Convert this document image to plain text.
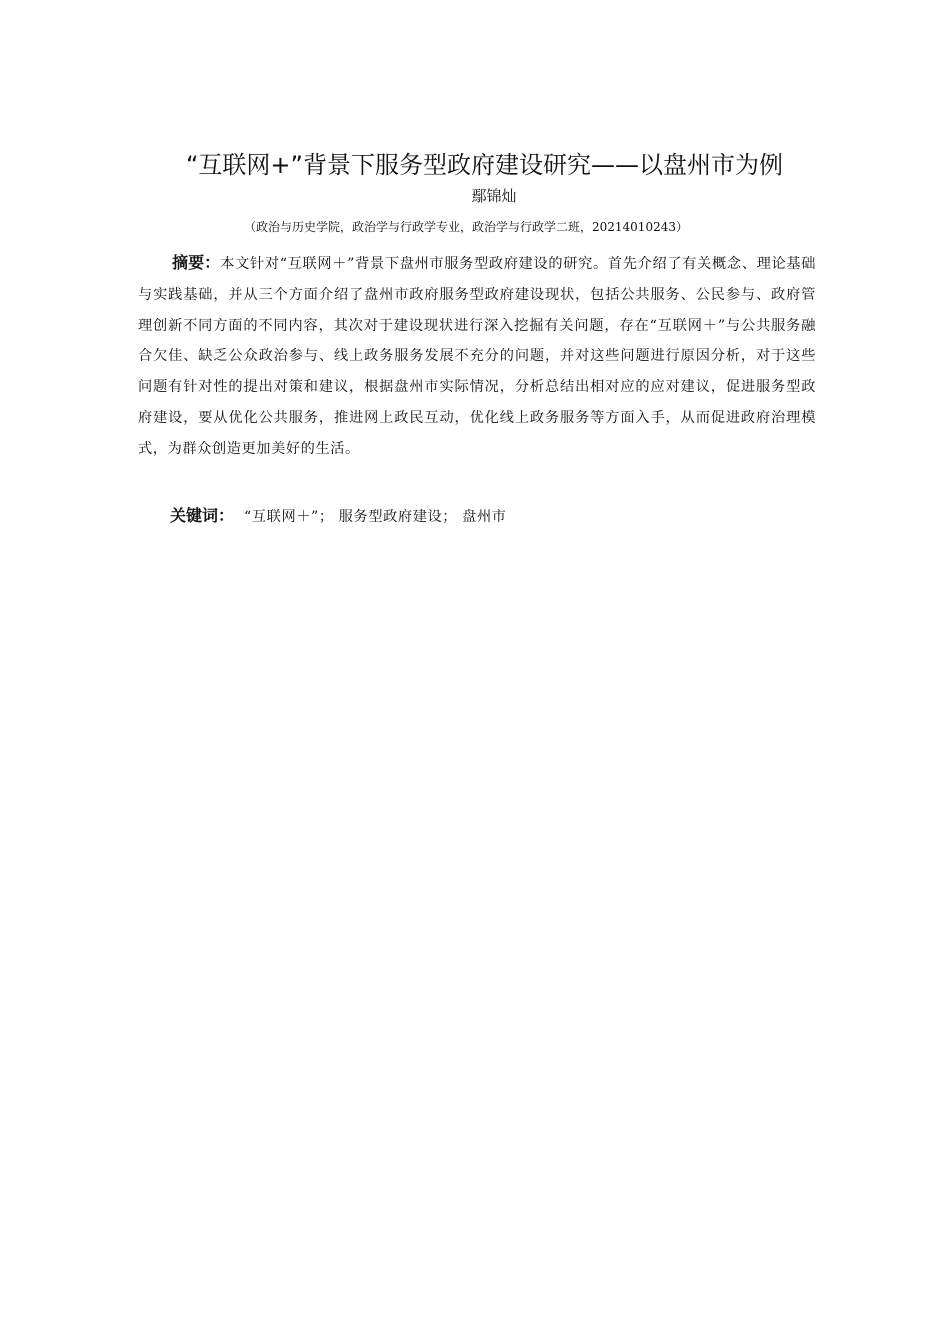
“互联网+”背景下服务型政府建设研究——以盘州市为例
鄢锦灿
（政治与历史学院，政治学与行政学专业，政治学与行政学二班，20214010243）
摘要：本文针对“互联网＋”背景下盘州市服务型政府建设的研究。首先介绍了有关概念、理论基础与实践基础，并从三个方面介绍了盘州市政府服务型政府建设现状，包括公共服务、公民参与、政府管理创新不同方面的不同内容，其次对于建设现状进行深入挖掘有关问题，存在“互联网＋”与公共服务融合欠佳、缺乏公众政治参与、线上政务服务发展不充分的问题，并对这些问题进行原因分析，对于这些问题有针对性的提出对策和建议，根据盘州市实际情况，分析总结出相对应的应对建议，促进服务型政府建设，要从优化公共服务，推进网上政民互动，优化线上政务服务等方面入手，从而促进政府治理模式，为群众创造更加美好的生活。
关键词： “互联网＋”； 服务型政府建设； 盘州市
